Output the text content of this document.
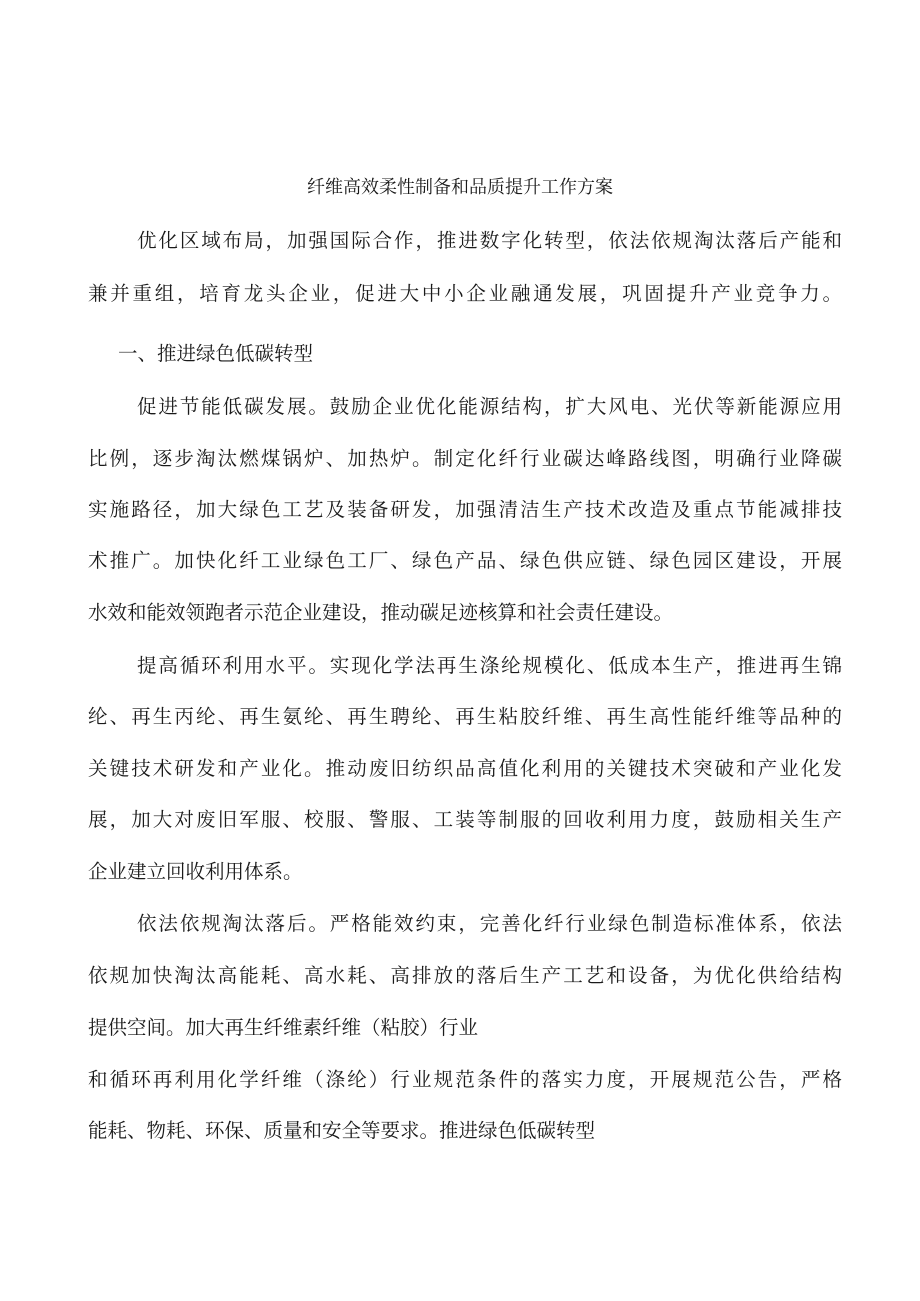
纤维高效柔性制备和品质提升工作方案
优化区域布局，加强国际合作，推进数字化转型，依法依规淘汰落后产能和
兼并重组，培育龙头企业，促进大中小企业融通发展，巩固提升产业竞争力。
一、推进绿色低碳转型
促进节能低碳发展。鼓励企业优化能源结构，扩大风电、光伏等新能源应用
比例，逐步淘汰燃煤锅炉、加热炉。制定化纤行业碳达峰路线图，明确行业降碳
实施路径，加大绿色工艺及装备研发，加强清洁生产技术改造及重点节能减排技
术推广。加快化纤工业绿色工厂、绿色产品、绿色供应链、绿色园区建设，开展
水效和能效领跑者示范企业建设，推动碳足迹核算和社会责任建设。
提高循环利用水平。实现化学法再生涤纶规模化、低成本生产，推进再生锦
纶、再生丙纶、再生氨纶、再生聘纶、再生粘胶纤维、再生高性能纤维等品种的
关键技术研发和产业化。推动废旧纺织品高值化利用的关键技术突破和产业化发
展，加大对废旧军服、校服、警服、工装等制服的回收利用力度，鼓励相关生产
企业建立回收利用体系。
依法依规淘汰落后。严格能效约束，完善化纤行业绿色制造标准体系，依法
依规加快淘汰高能耗、高水耗、高排放的落后生产工艺和设备，为优化供给结构
提供空间。加大再生纤维素纤维（粘胶）行业
和循环再利用化学纤维（涤纶）行业规范条件的落实力度，开展规范公告，严格
能耗、物耗、环保、质量和安全等要求。推进绿色低碳转型
